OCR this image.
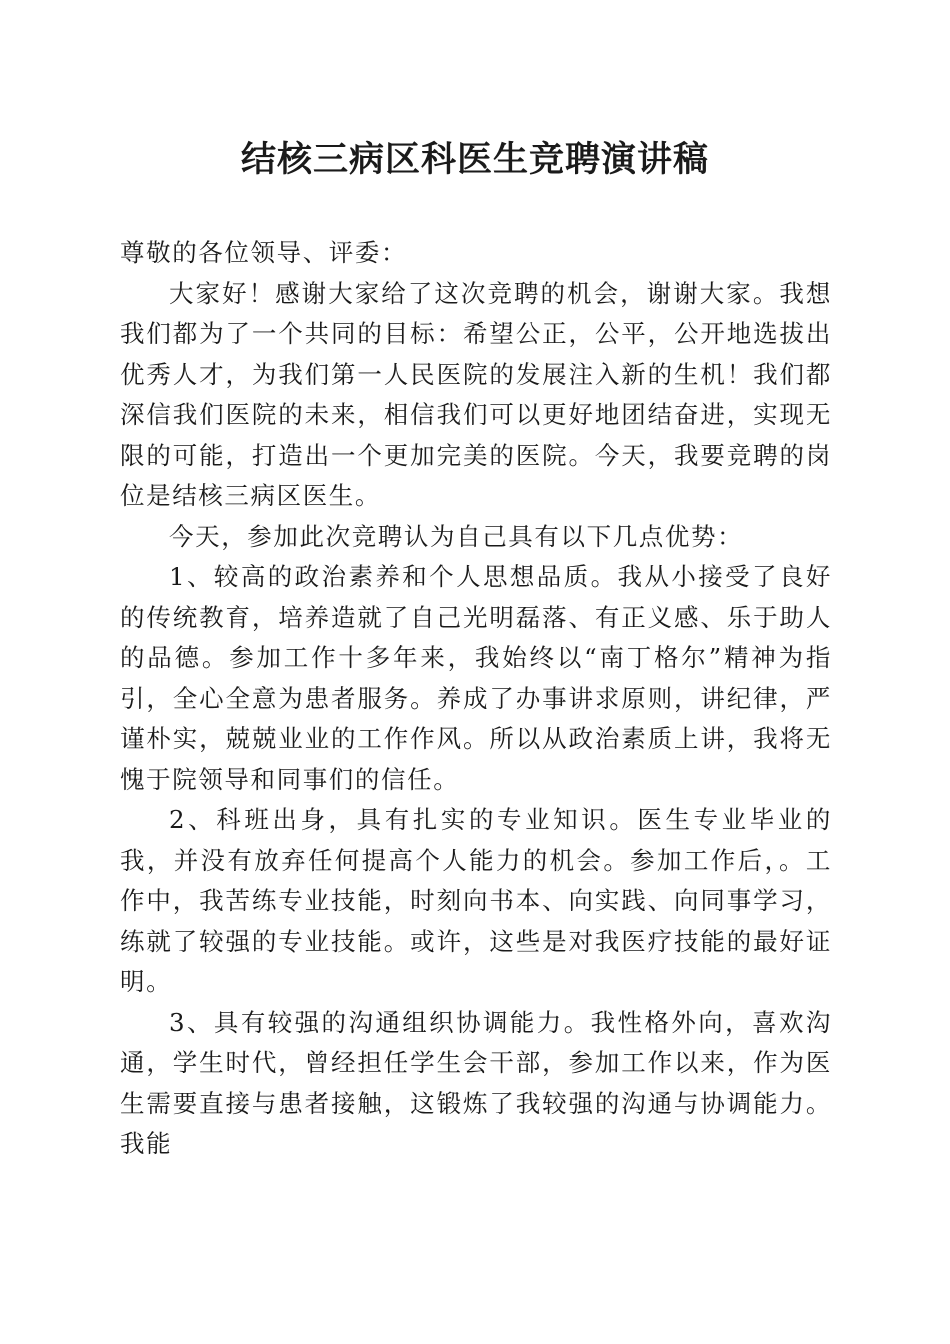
结核三病区科医生竞聘演讲稿

尊敬的各位领导、评委：

大家好！感谢大家给了这次竞聘的机会，谢谢大家。我想我们都为了一个共同的目标：希望公正，公平，公开地选拔出优秀人才，为我们第一人民医院的发展注入新的生机！我们都深信我们医院的未来，相信我们可以更好地团结奋进，实现无限的可能，打造出一个更加完美的医院。今天，我要竞聘的岗位是结核三病区医生。

今天，参加此次竞聘认为自己具有以下几点优势：

1、较高的政治素养和个人思想品质。我从小接受了良好的传统教育，培养造就了自己光明磊落、有正义感、乐于助人的品德。参加工作十多年来，我始终以“南丁格尔”精神为指引，全心全意为患者服务。养成了办事讲求原则，讲纪律，严谨朴实，兢兢业业的工作作风。所以从政治素质上讲，我将无愧于院领导和同事们的信任。

2、科班出身，具有扎实的专业知识。医生专业毕业的我，并没有放弃任何提高个人能力的机会。参加工作后，。工作中，我苦练专业技能，时刻向书本、向实践、向同事学习，练就了较强的专业技能。或许，这些是对我医疗技能的最好证明。

3、具有较强的沟通组织协调能力。我性格外向，喜欢沟通，学生时代，曾经担任学生会干部，参加工作以来，作为医生需要直接与患者接触，这锻炼了我较强的沟通与协调能力。我能
